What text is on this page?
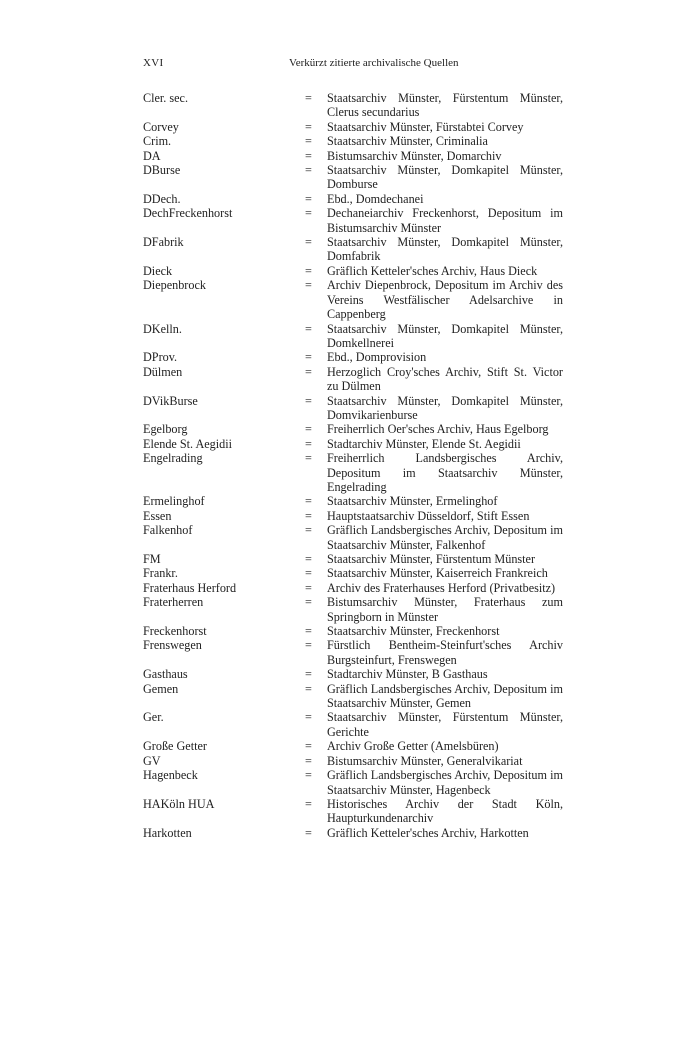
XVI	Verkürzt zitierte archivalische Quellen
Cler. sec.	=	Staatsarchiv Münster, Fürstentum Münster, Clerus secundarius
Corvey	=	Staatsarchiv Münster, Fürstabtei Corvey
Crim.	=	Staatsarchiv Münster, Criminalia
DA	=	Bistumsarchiv Münster, Domarchiv
DBurse	=	Staatsarchiv Münster, Domkapitel Münster, Domburse
DDech.	=	Ebd., Domdechanei
DechFreckenhorst	=	Dechaneiarchiv Freckenhorst, Depositum im Bistumsarchiv Münster
DFabrik	=	Staatsarchiv Münster, Domkapitel Münster, Domfabrik
Dieck	=	Gräflich Ketteler'sches Archiv, Haus Dieck
Diepenbrock	=	Archiv Diepenbrock, Depositum im Archiv des Vereins Westfälischer Adelsarchive in Cappenberg
DKelln.	=	Staatsarchiv Münster, Domkapitel Münster, Domkellnerei
DProv.	=	Ebd., Domprovision
Dülmen	=	Herzoglich Croy'sches Archiv, Stift St. Victor zu Dülmen
DVikBurse	=	Staatsarchiv Münster, Domkapitel Münster, Domvikarienburse
Egelborg	=	Freiherrlich Oer'sches Archiv, Haus Egelborg
Elende St. Aegidii	=	Stadtarchiv Münster, Elende St. Aegidii
Engelrading	=	Freiherrlich Landsbergisches Archiv, Depositum im Staatsarchiv Münster, Engelrading
Ermelinghof	=	Staatsarchiv Münster, Ermelinghof
Essen	=	Hauptstaatsarchiv Düsseldorf, Stift Essen
Falkenhof	=	Gräflich Landsbergisches Archiv, Depositum im Staatsarchiv Münster, Falkenhof
FM	=	Staatsarchiv Münster, Fürstentum Münster
Frankr.	=	Staatsarchiv Münster, Kaiserreich Frankreich
Fraterhaus Herford	=	Archiv des Fraterhauses Herford (Privatbesitz)
Fraterherren	=	Bistumsarchiv Münster, Fraterhaus zum Springborn in Münster
Freckenhorst	=	Staatsarchiv Münster, Freckenhorst
Frenswegen	=	Fürstlich Bentheim-Steinfurt'sches Archiv Burgsteinfurt, Frenswegen
Gasthaus	=	Stadtarchiv Münster, B Gasthaus
Gemen	=	Gräflich Landsbergisches Archiv, Depositum im Staatsarchiv Münster, Gemen
Ger.	=	Staatsarchiv Münster, Fürstentum Münster, Gerichte
Große Getter	=	Archiv Große Getter (Amelsbüren)
GV	=	Bistumsarchiv Münster, Generalvikariat
Hagenbeck	=	Gräflich Landsbergisches Archiv, Depositum im Staatsarchiv Münster, Hagenbeck
HAKöln HUA	=	Historisches Archiv der Stadt Köln, Haupturkundenarchiv
Harkotten	=	Gräflich Ketteler'sches Archiv, Harkotten
